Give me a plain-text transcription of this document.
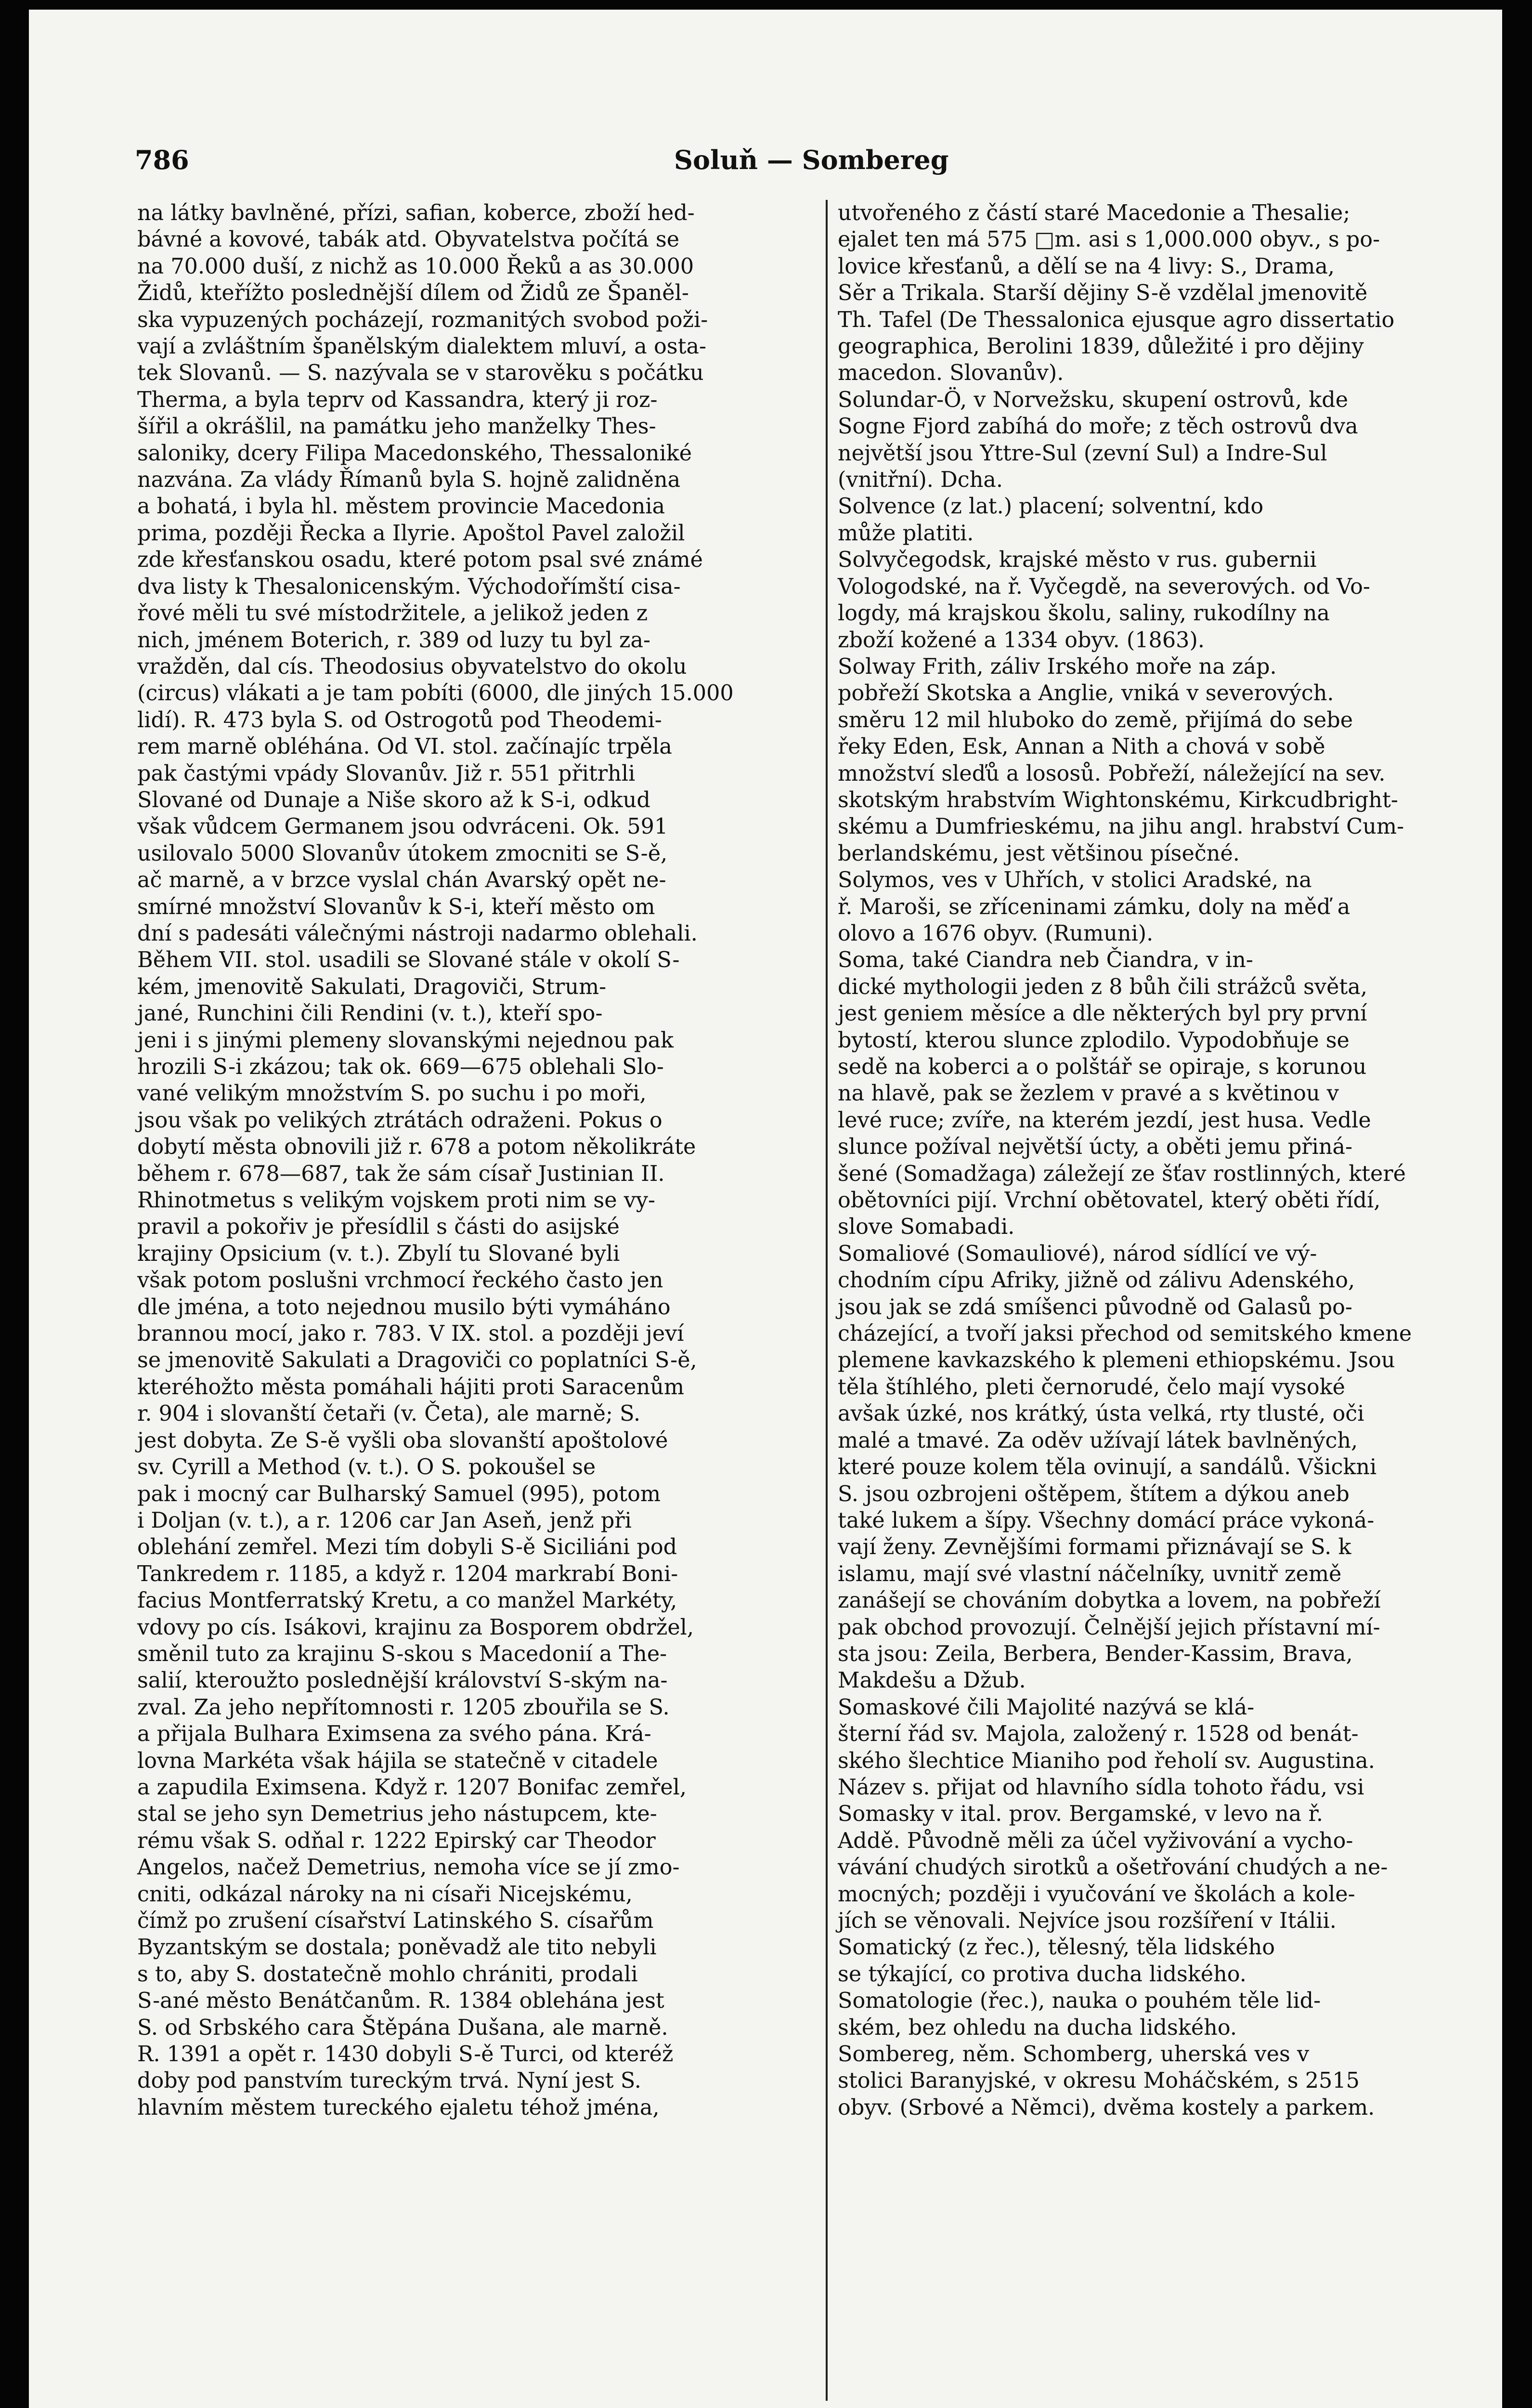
786	Soluň — Sombereg
na látky bavlněné, přízi, safian, koberce, zboží hed-
bávné a kovové, tabák atd. Obyvatelstva počítá se
na 70.000 duší, z nichž as 10.000 Řeků a as 30.000
Židů, kteřížto poslednější dílem od Židů ze Španěl-
ska vypuzených pocházejí, rozmanitých svobod poži-
vají a zvláštním španělským dialektem mluví, a osta-
tek Slovanů. — S. nazývala se v starověku s počátku
Therma, a byla teprv od Kassandra, který ji roz-
šířil a okrášlil, na památku jeho manželky Thes-
saloniky, dcery Filipa Macedonského, Thessaloniké
nazvána. Za vlády Římanů byla S. hojně zalidněna
a bohatá, i byla hl. městem provincie Macedonia
prima, později Řecka a Ilyrie. Apoštol Pavel založil
zde křesťanskou osadu, které potom psal své známé
dva listy k Thesalonicenským. Východořímští cisa-
řové měli tu své místodržitele, a jelikož jeden z
nich, jménem Boterich, r. 389 od luzy tu byl za-
vražděn, dal cís. Theodosius obyvatelstvo do okolu
(circus) vlákati a je tam pobíti (6000, dle jiných 15.000
lidí). R. 473 byla S. od Ostrogotů pod Theodemi-
rem marně obléhána. Od VI. stol. začínajíc trpěla
pak častými vpády Slovanův. Již r. 551 přitrhli
Slované od Dunaje a Niše skoro až k S-i, odkud
však vůdcem Germanem jsou odvráceni. Ok. 591
usilovalo 5000 Slovanův útokem zmocniti se S-ě,
ač marně, a v brzce vyslal chán Avarský opět ne-
smírné množství Slovanův k S-i, kteří město om
dní s padesáti válečnými nástroji nadarmo oblehali.
Během VII. stol. usadili se Slované stále v okolí S-
kém, jmenovitě Sakulati, Dragoviči, Strum-
jané, Runchini čili Rendini (v. t.), kteří spo-
jeni i s jinými plemeny slovanskými nejednou pak
hrozili S-i zkázou; tak ok. 669—675 oblehali Slo-
vané velikým množstvím S. po suchu i po moři,
jsou však po velikých ztrátách odraženi. Pokus o
dobytí města obnovili již r. 678 a potom několikráte
během r. 678—687, tak že sám císař Justinian II.
Rhinotmetus s velikým vojskem proti nim se vy-
pravil a pokořiv je přesídlil s části do asijské
krajiny Opsicium (v. t.). Zbylí tu Slované byli
však potom poslušni vrchmocí řeckého často jen
dle jména, a toto nejednou musilo býti vymáháno
brannou mocí, jako r. 783. V IX. stol. a později jeví
se jmenovitě Sakulati a Dragoviči co poplatníci S-ě,
kteréhožto města pomáhali hájiti proti Saracenům
r. 904 i slovanští četaři (v. Četa), ale marně; S.
jest dobyta. Ze S-ě vyšli oba slovanští apoštolové
sv. Cyrill a Method (v. t.). O S. pokoušel se
pak i mocný car Bulharský Samuel (995), potom
i Doljan (v. t.), a r. 1206 car Jan Aseň, jenž při
oblehání zemřel. Mezi tím dobyli S-ě Siciliáni pod
Tankredem r. 1185, a když r. 1204 markrabí Boni-
facius Montferratský Kretu, a co manžel Markéty,
vdovy po cís. Isákovi, krajinu za Bosporem obdržel,
směnil tuto za krajinu S-skou s Macedonií a The-
salií, kteroužto poslednější království S-ským na-
zval. Za jeho nepřítomnosti r. 1205 zbouřila se S.
a přijala Bulhara Eximsena za svého pána. Krá-
lovna Markéta však hájila se statečně v citadele
a zapudila Eximsena. Když r. 1207 Bonifac zemřel,
stal se jeho syn Demetrius jeho nástupcem, kte-
rému však S. odňal r. 1222 Epirský car Theodor
Angelos, načež Demetrius, nemoha více se jí zmo-
cniti, odkázal nároky na ni císaři Nicejskému,
čímž po zrušení císařství Latinského S. císařům
Byzantským se dostala; poněvadž ale tito nebyli
s to, aby S. dostatečně mohlo chrániti, prodali
S-ané město Benátčanům. R. 1384 oblehána jest
S. od Srbského cara Štěpána Dušana, ale marně.
R. 1391 a opět r. 1430 dobyli S-ě Turci, od kteréž
doby pod panstvím tureckým trvá. Nyní jest S.
hlavním městem tureckého ejaletu téhož jména,
utvořeného z částí staré Macedonie a Thesalie;
ejalet ten má 575 □m. asi s 1,000.000 obyv., s po-
lovice křesťanů, a dělí se na 4 livy: S., Drama,
Sěr a Trikala. Starší dějiny S-ě vzdělal jmenovitě
Th. Tafel (De Thessalonica ejusque agro dissertatio
geographica, Berolini 1839, důležité i pro dějiny
macedon. Slovanův).
Solundar-Ö, v Norvežsku, skupení ostrovů, kde
Sogne Fjord zabíhá do moře; z těch ostrovů dva
největší jsou Yttre-Sul (zevní Sul) a Indre-Sul
(vnitřní). Dcha.
Solvence (z lat.) placení; solventní, kdo
může platiti.
Solvyčegodsk, krajské město v rus. gubernii
Vologodské, na ř. Vyčegdě, na severových. od Vo-
logdy, má krajskou školu, saliny, rukodílny na
zboží kožené a 1334 obyv. (1863).
Solway Frith, záliv Irského moře na záp.
pobřeží Skotska a Anglie, vniká v severových.
směru 12 mil hluboko do země, přijímá do sebe
řeky Eden, Esk, Annan a Nith a chová v sobě
množství sleďů a lososů. Pobřeží, náležející na sev.
skotským hrabstvím Wightonskému, Kirkcudbright-
skému a Dumfrieskému, na jihu angl. hrabství Cum-
berlandskému, jest většinou písečné.
Solymos, ves v Uhřích, v stolici Aradské, na
ř. Maroši, se zříceninami zámku, doly na měď a
olovo a 1676 obyv. (Rumuni).
Soma, také Ciandra neb Čiandra, v in-
dické mythologii jeden z 8 bůh čili strážců světa,
jest geniem měsíce a dle některých byl pry první
bytostí, kterou slunce zplodilo. Vypodobňuje se
sedě na koberci a o polštář se opiraje, s korunou
na hlavě, pak se žezlem v pravé a s květinou v
levé ruce; zvíře, na kterém jezdí, jest husa. Vedle
slunce požíval největší úcty, a oběti jemu přiná-
šené (Somadžaga) záležejí ze šťav rostlinných, které
obětovníci pijí. Vrchní obětovatel, který oběti řídí,
slove Somabadi.
Somaliové (Somauliové), národ sídlící ve vý-
chodním cípu Afriky, jižně od zálivu Adenského,
jsou jak se zdá smíšenci původně od Galasů po-
cházející, a tvoří jaksi přechod od semitského kmene
plemene kavkazského k plemeni ethiopskému. Jsou
těla štíhlého, pleti černorudé, čelo mají vysoké
avšak úzké, nos krátký, ústa velká, rty tlusté, oči
malé a tmavé. Za oděv užívají látek bavlněných,
které pouze kolem těla ovinují, a sandálů. Všickni
S. jsou ozbrojeni oštěpem, štítem a dýkou aneb
také lukem a šípy. Všechny domácí práce vykoná-
vají ženy. Zevnějšími formami přiznávají se S. k
islamu, mají své vlastní náčelníky, uvnitř země
zanášejí se chováním dobytka a lovem, na pobřeží
pak obchod provozují. Čelnější jejich přístavní mí-
sta jsou: Zeila, Berbera, Bender-Kassim, Brava,
Makdešu a Džub.
Somaskové čili Majolité nazývá se klá-
šterní řád sv. Majola, založený r. 1528 od benát-
ského šlechtice Mianiho pod řeholí sv. Augustina.
Název s. přijat od hlavního sídla tohoto řádu, vsi
Somasky v ital. prov. Bergamské, v levo na ř.
Addě. Původně měli za účel vyživování a vycho-
vávání chudých sirotků a ošetřování chudých a ne-
mocných; později i vyučování ve školách a kole-
jích se věnovali. Nejvíce jsou rozšíření v Itálii.
Somatický (z řec.), tělesný, těla lidského
se týkající, co protiva ducha lidského.
Somatologie (řec.), nauka o pouhém těle lid-
ském, bez ohledu na ducha lidského.
Sombereg, něm. Schomberg, uherská ves v
stolici Baranyjské, v okresu Moháčském, s 2515
obyv. (Srbové a Němci), dvěma kostely a parkem.
